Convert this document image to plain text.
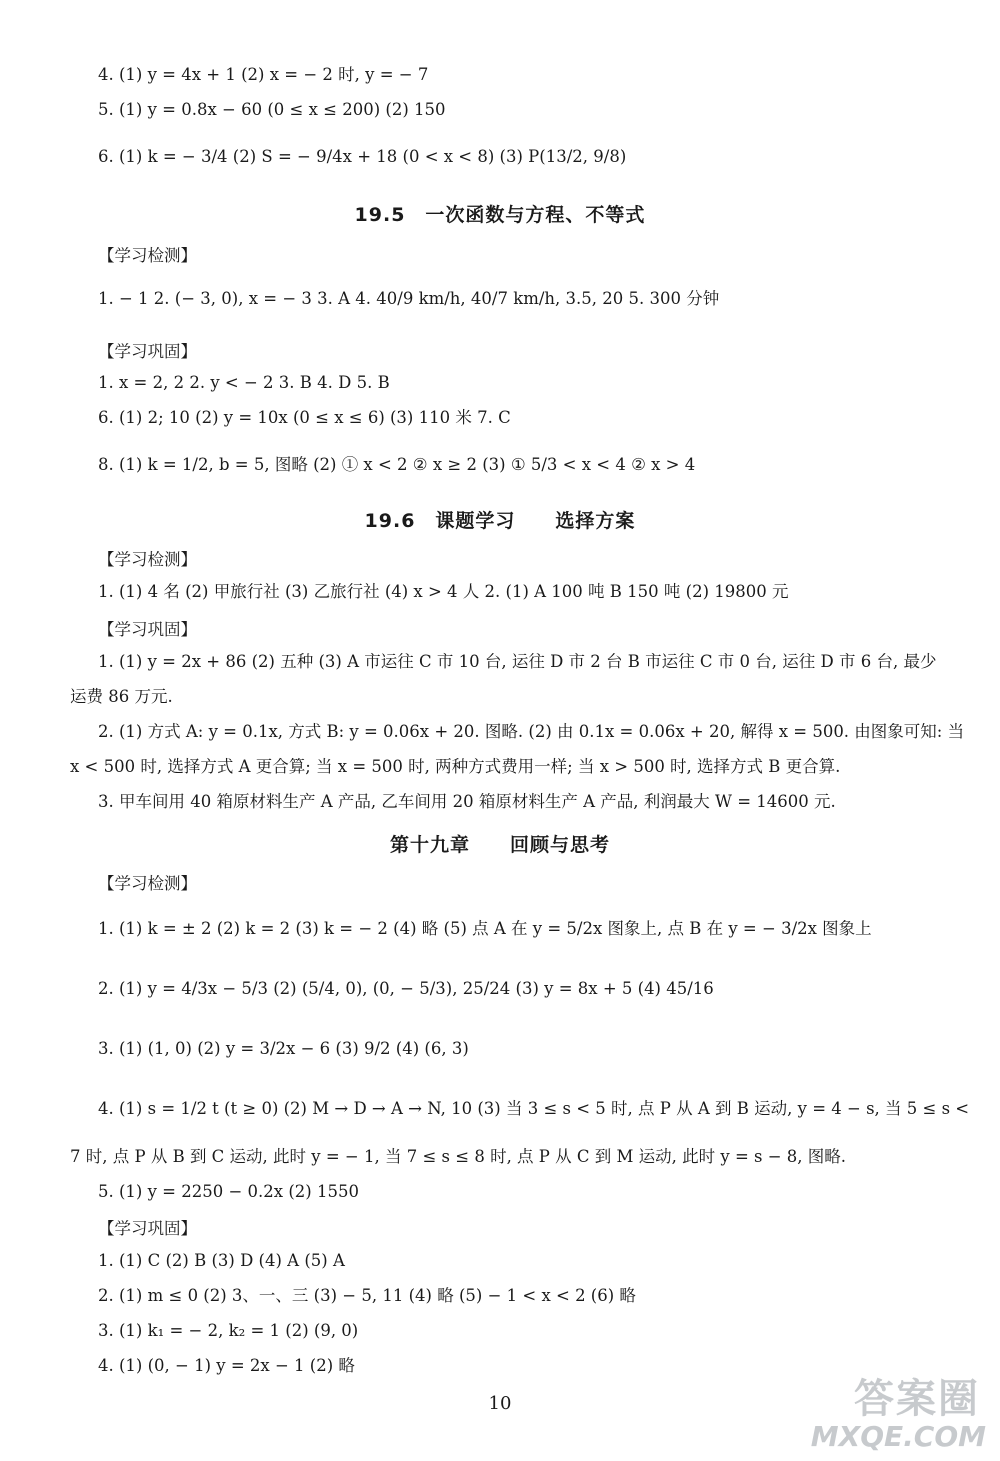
4. (1) y = 4x + 1 (2) x = − 2 时, y = − 7
5. (1) y = 0.8x − 60 (0 ≤ x ≤ 200) (2) 150
6. (1) k = − 3/4 (2) S = − 9/4x + 18 (0 < x < 8) (3) P(13/2, 9/8)
19.5　一次函数与方程、不等式
【学习检测】
1. − 1 2. (− 3, 0), x = − 3 3. A 4. 40/9 km/h, 40/7 km/h, 3.5, 20 5. 300 分钟
【学习巩固】
1. x = 2, 2 2. y < − 2 3. B 4. D 5. B
6. (1) 2; 10 (2) y = 10x (0 ≤ x ≤ 6) (3) 110 米 7. C
8. (1) k = 1/2, b = 5, 图略 (2) ① x < 2 ② x ≥ 2 (3) ① 5/3 < x < 4 ② x > 4
19.6　课题学习　　选择方案
【学习检测】
1. (1) 4 名 (2) 甲旅行社 (3) 乙旅行社 (4) x > 4 人 2. (1) A 100 吨 B 150 吨 (2) 19800 元
【学习巩固】
1. (1) y = 2x + 86 (2) 五种 (3) A 市运往 C 市 10 台, 运往 D 市 2 台 B 市运往 C 市 0 台, 运往 D 市 6 台, 最少
运费 86 万元.
2. (1) 方式 A: y = 0.1x, 方式 B: y = 0.06x + 20. 图略. (2) 由 0.1x = 0.06x + 20, 解得 x = 500. 由图象可知: 当
x < 500 时, 选择方式 A 更合算; 当 x = 500 时, 两种方式费用一样; 当 x > 500 时, 选择方式 B 更合算.
3. 甲车间用 40 箱原材料生产 A 产品, 乙车间用 20 箱原材料生产 A 产品, 利润最大 W = 14600 元.
第十九章　　回顾与思考
【学习检测】
1. (1) k = ± 2 (2) k = 2 (3) k = − 2 (4) 略 (5) 点 A 在 y = 5/2x 图象上, 点 B 在 y = − 3/2x 图象上
2. (1) y = 4/3x − 5/3 (2) (5/4, 0), (0, − 5/3), 25/24 (3) y = 8x + 5 (4) 45/16
3. (1) (1, 0) (2) y = 3/2x − 6 (3) 9/2 (4) (6, 3)
4. (1) s = 1/2 t (t ≥ 0) (2) M → D → A → N, 10 (3) 当 3 ≤ s < 5 时, 点 P 从 A 到 B 运动, y = 4 − s, 当 5 ≤ s <
7 时, 点 P 从 B 到 C 运动, 此时 y = − 1, 当 7 ≤ s ≤ 8 时, 点 P 从 C 到 M 运动, 此时 y = s − 8, 图略.
5. (1) y = 2250 − 0.2x (2) 1550
【学习巩固】
1. (1) C (2) B (3) D (4) A (5) A
2. (1) m ≤ 0 (2) 3、一、三 (3) − 5, 11 (4) 略 (5) − 1 < x < 2 (6) 略
3. (1) k₁ = − 2, k₂ = 1 (2) (9, 0)
4. (1) (0, − 1) y = 2x − 1 (2) 略
10	答案圈
MXQE.COM
